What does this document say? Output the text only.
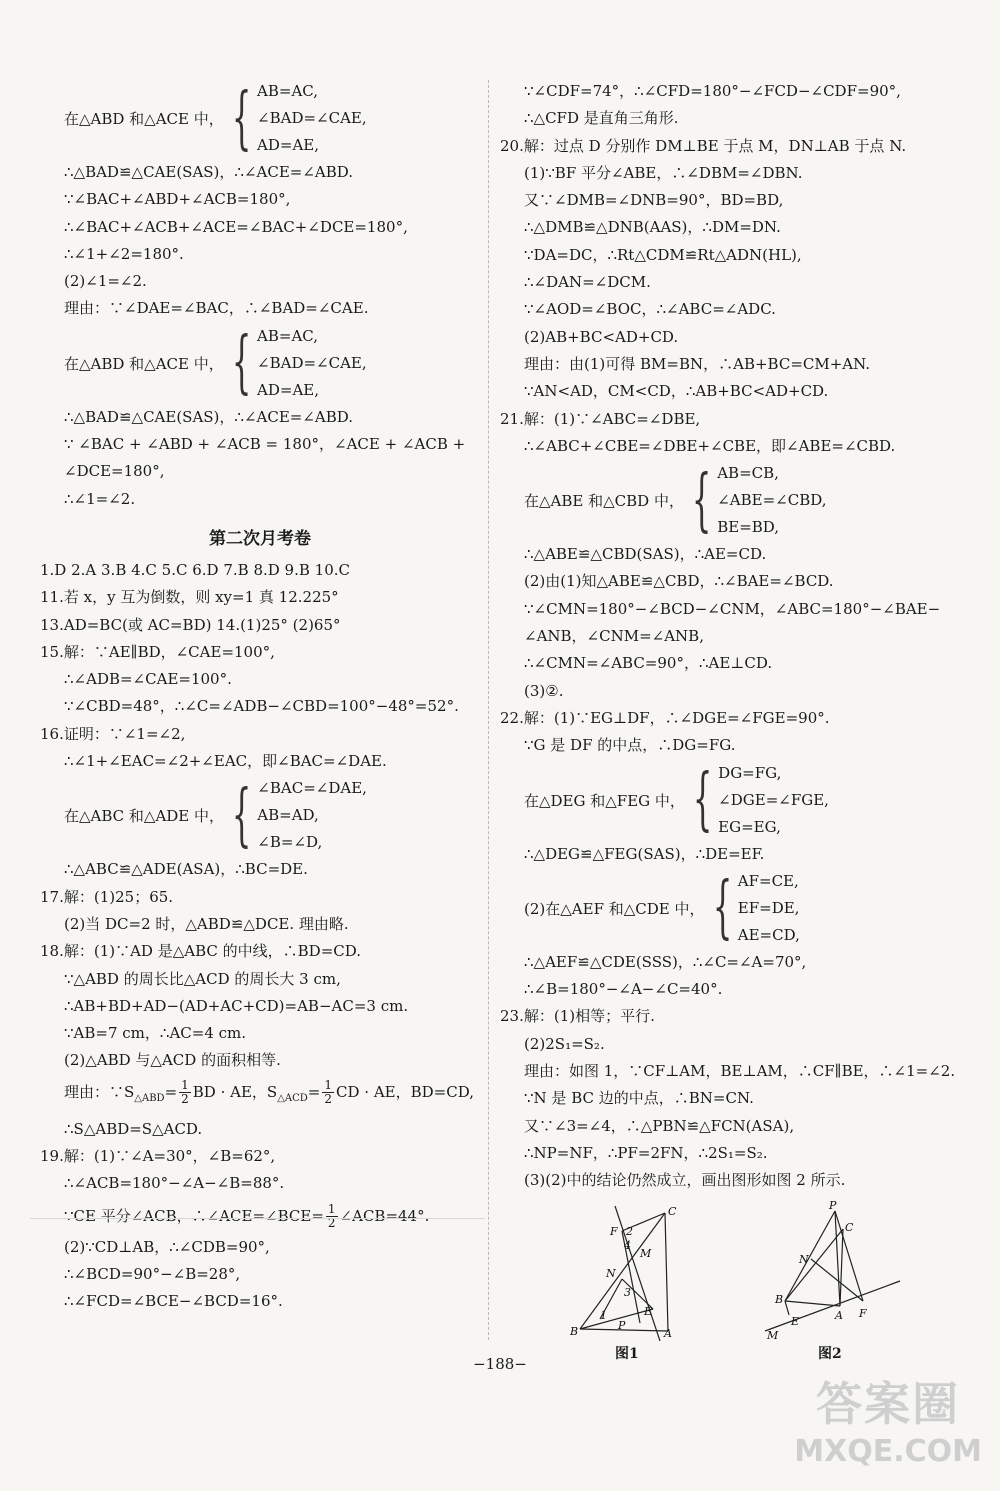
在△ABD 和△ACE 中， { AB=AC,
∠BAD=∠CAE,
AD=AE,
∴△BAD≌△CAE(SAS)，∴∠ACE=∠ABD.
∵∠BAC+∠ABD+∠ACB=180°,
∴∠BAC+∠ACB+∠ACE=∠BAC+∠DCE=180°,
∴∠1+∠2=180°.
(2)∠1=∠2.
理由：∵∠DAE=∠BAC，∴∠BAD=∠CAE.
在△ABD 和△ACE 中， { AB=AC,
∠BAD=∠CAE,
AD=AE,
∴△BAD≌△CAE(SAS)，∴∠ACE=∠ABD.
∵ ∠BAC + ∠ABD + ∠ACB = 180°，∠ACE + ∠ACB +
∠DCE=180°,
∴∠1=∠2.
第二次月考卷
1.D 2.A 3.B 4.C 5.C 6.D 7.B 8.D 9.B 10.C
11.若 x，y 互为倒数，则 xy=1 真 12.225°
13.AD=BC(或 AC=BD) 14.(1)25° (2)65°
15.解：∵AE∥BD，∠CAE=100°,
∴∠ADB=∠CAE=100°.
∵∠CBD=48°，∴∠C=∠ADB−∠CBD=100°−48°=52°.
16.证明：∵∠1=∠2,
∴∠1+∠EAC=∠2+∠EAC，即∠BAC=∠DAE.
在△ABC 和△ADE 中， { ∠BAC=∠DAE,
AB=AD,
∠B=∠D,
∴△ABC≌△ADE(ASA)，∴BC=DE.
17.解：(1)25；65.
(2)当 DC=2 时，△ABD≌△DCE. 理由略.
18.解：(1)∵AD 是△ABC 的中线，∴BD=CD.
∵△ABD 的周长比△ACD 的周长大 3 cm,
∴AB+BD+AD−(AD+AC+CD)=AB−AC=3 cm.
∵AB=7 cm，∴AC=4 cm.
(2)△ABD 与△ACD 的面积相等.
理由：$\because S_{\triangle ABD}= \frac{1}{2}$ BD · AE，$S_{\triangle ACD}= \frac{1}{2}$ CD · AE，BD=CD,
∴S△ABD=S△ACD.
19.解：(1)∵∠A=30°，∠B=62°,
∴∠ACB=180°−∠A−∠B=88°.
∵CE 平分∠ACB，∴∠ACE=∠BCE= $\frac{1}{2}$ ∠ACB=44°.
(2)∵CD⊥AB，∴∠CDB=90°,
∴∠BCD=90°−∠B=28°,
∴∠FCD=∠BCE−∠BCD=16°.
∵∠CDF=74°，∴∠CFD=180°−∠FCD−∠CDF=90°,
∴△CFD 是直角三角形.
20.解：过点 D 分别作 DM⊥BE 于点 M，DN⊥AB 于点 N.
(1)∵BF 平分∠ABE，∴∠DBM=∠DBN.
又∵∠DMB=∠DNB=90°，BD=BD,
∴△DMB≌△DNB(AAS)，∴DM=DN.
∵DA=DC，∴Rt△CDM≌Rt△ADN(HL),
∴∠DAN=∠DCM.
∵∠AOD=∠BOC，∴∠ABC=∠ADC.
(2)AB+BC<AD+CD.
理由：由(1)可得 BM=BN，∴AB+BC=CM+AN.
∵AN<AD，CM<CD，∴AB+BC<AD+CD.
21.解：(1)∵∠ABC=∠DBE,
∴∠ABC+∠CBE=∠DBE+∠CBE，即∠ABE=∠CBD.
在△ABE 和△CBD 中， { AB=CB,
∠ABE=∠CBD,
BE=BD,
∴△ABE≌△CBD(SAS)，∴AE=CD.
(2)由(1)知△ABE≌△CBD，∴∠BAE=∠BCD.
∵∠CMN=180°−∠BCD−∠CNM，∠ABC=180°−∠BAE−
∠ANB，∠CNM=∠ANB,
∴∠CMN=∠ABC=90°，∴AE⊥CD.
(3)②.
22.解：(1)∵EG⊥DF，∴∠DGE=∠FGE=90°.
∵G 是 DF 的中点，∴DG=FG.
在△DEG 和△FEG 中， { DG=FG,
∠DGE=∠FGE,
EG=EG,
∴△DEG≌△FEG(SAS)，∴DE=EF.
(2)在△AEF 和△CDE 中， { AF=CE,
EF=DE,
AE=CD,
∴△AEF≌△CDE(SSS)，∴∠C=∠A=70°,
∴∠B=180°−∠A−∠C=40°.
23.解：(1)相等；平行.
(2)2S₁=S₂.
理由：如图 1，∵CF⊥AM，BE⊥AM，∴CF∥BE，∴∠1=∠2.
∵N 是 BC 边的中点，∴BN=CN.
又∵∠3=∠4，∴△PBN≌△FCN(ASA),
∴NP=NF，∴PF=2FN，∴2S₁=S₂.
(3)(2)中的结论仍然成立，画出图形如图 2 所示.
C
F 2
4
M
N
3
1	E
B	P
A
P
C
N
B
E	A F
M
图1	图2
−188−
答案圈
MXQE.COM
